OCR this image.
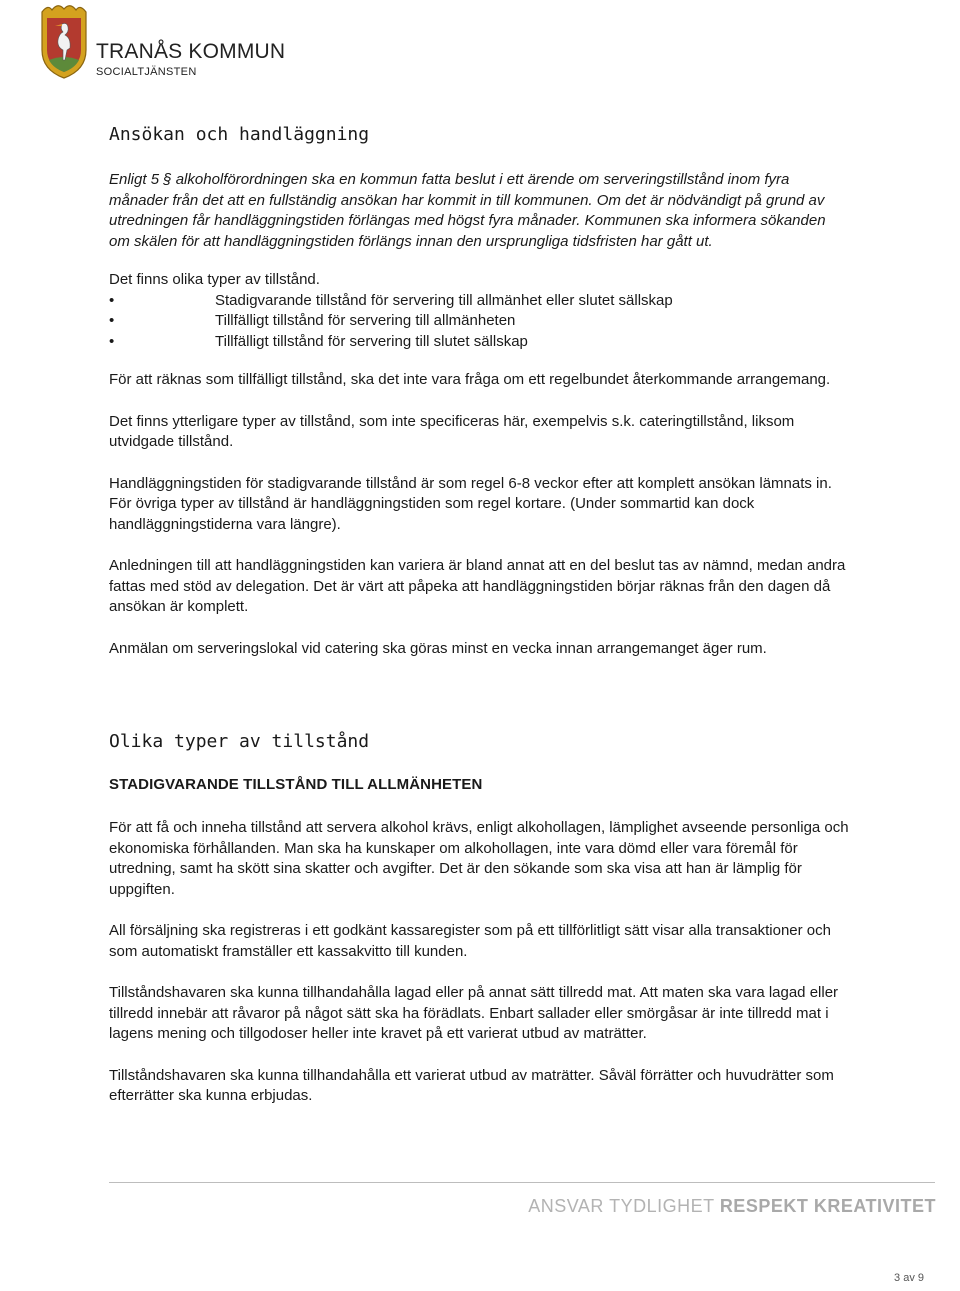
TRANÅS KOMMUN
SOCIALTJÄNSTEN
Ansökan och handläggning

Enligt 5 § alkoholförordningen ska en kommun fatta beslut i ett ärende om serveringstillstånd inom fyra månader från det att en fullständig ansökan har kommit in till kommunen. Om det är nödvändigt på grund av utredningen får handläggningstiden förlängas med högst fyra månader. Kommunen ska informera sökanden om skälen för att handläggningstiden förlängs innan den ursprungliga tidsfristen har gått ut.

Det finns olika typer av tillstånd.

• Stadigvarande tillstånd för servering till allmänhet eller slutet sällskap
• Tillfälligt tillstånd för servering till allmänheten
• Tillfälligt tillstånd för servering till slutet sällskap

För att räknas som tillfälligt tillstånd, ska det inte vara fråga om ett regelbundet återkommande arrangemang.

Det finns ytterligare typer av tillstånd, som inte specificeras här, exempelvis s.k. cateringtillstånd, liksom utvidgade tillstånd.

Handläggningstiden för stadigvarande tillstånd är som regel 6-8 veckor efter att komplett ansökan lämnats in. För övriga typer av tillstånd är handläggningstiden som regel kortare. (Under sommartid kan dock handläggningstiderna vara längre).

Anledningen till att handläggningstiden kan variera är bland annat att en del beslut tas av nämnd, medan andra fattas med stöd av delegation. Det är värt att påpeka att handläggningstiden börjar räknas från den dagen då ansökan är komplett.

Anmälan om serveringslokal vid catering ska göras minst en vecka innan arrangemanget äger rum.

Olika typer av tillstånd
STADIGVARANDE TILLSTÅND TILL ALLMÄNHETEN

För att få och inneha tillstånd att servera alkohol krävs, enligt alkohollagen, lämplighet avseende personliga och ekonomiska förhållanden. Man ska ha kunskaper om alkohollagen, inte vara dömd eller vara föremål för utredning, samt ha skött sina skatter och avgifter. Det är den sökande som ska visa att han är lämplig för uppgiften.

All försäljning ska registreras i ett godkänt kassaregister som på ett tillförlitligt sätt visar alla transaktioner och som automatiskt framställer ett kassakvitto till kunden.

Tillståndshavaren ska kunna tillhandahålla lagad eller på annat sätt tillredd mat. Att maten ska vara lagad eller tillredd innebär att råvaror på något sätt ska ha förädlats. Enbart sallader eller smörgåsar är inte tillredd mat i lagens mening och tillgodoser heller inte kravet på ett varierat utbud av maträtter.

Tillståndshavaren ska kunna tillhandahålla ett varierat utbud av maträtter. Såväl förrätter och huvudrätter som efterrätter ska kunna erbjudas.

ANSVAR TYDLIGHET RESPEKT KREATIVITET
3 av 9
